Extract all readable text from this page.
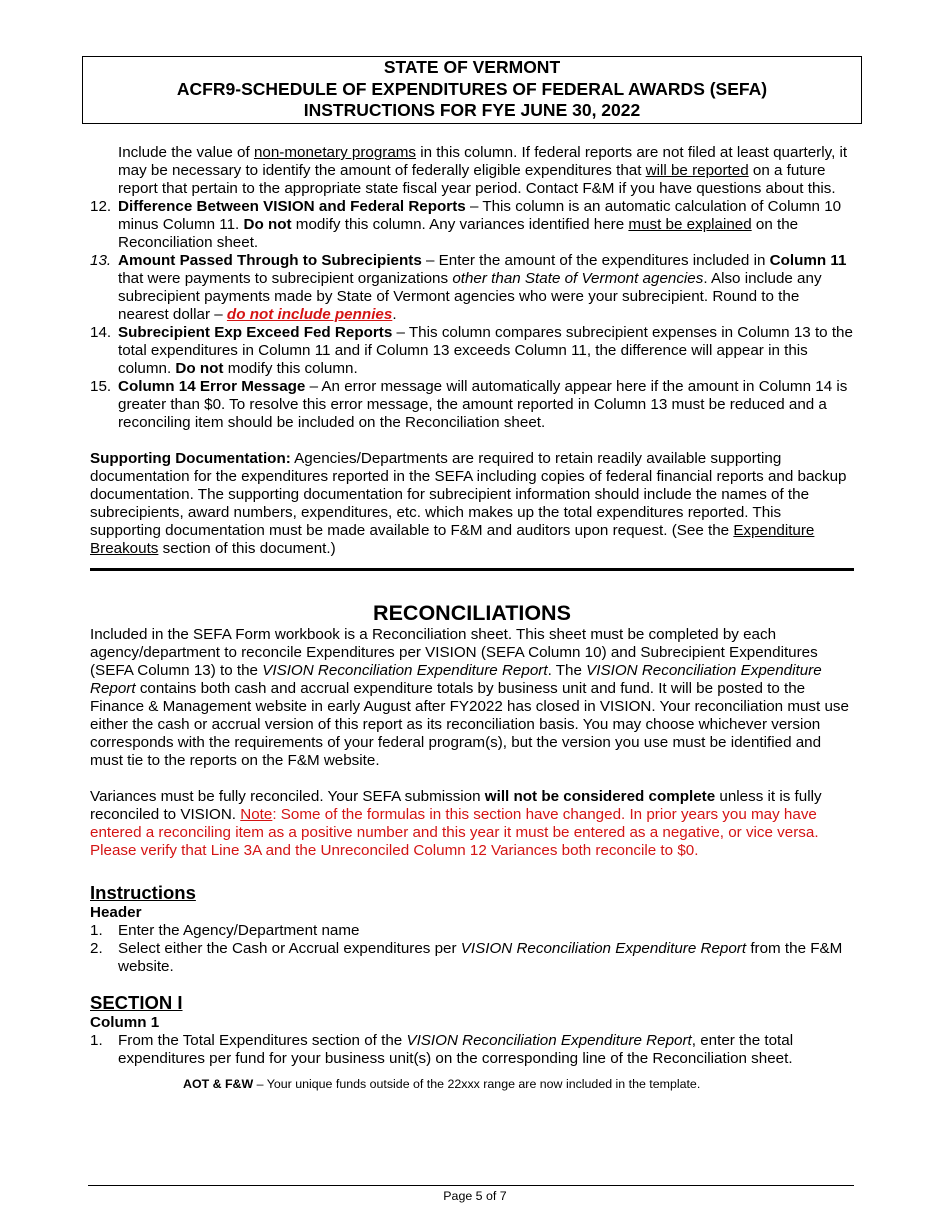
STATE OF VERMONT
ACFR9-SCHEDULE OF EXPENDITURES OF FEDERAL AWARDS (SEFA)
INSTRUCTIONS FOR FYE JUNE 30, 2022

Include the value of non-monetary programs in this column. If federal reports are not filed at least quarterly, it may be necessary to identify the amount of federally eligible expenditures that will be reported on a future report that pertain to the appropriate state fiscal year period. Contact F&M if you have questions about this.

12. Difference Between VISION and Federal Reports – This column is an automatic calculation of Column 10 minus Column 11. Do not modify this column. Any variances identified here must be explained on the Reconciliation sheet.
13. Amount Passed Through to Subrecipients – Enter the amount of the expenditures included in Column 11 that were payments to subrecipient organizations other than State of Vermont agencies. Also include any subrecipient payments made by State of Vermont agencies who were your subrecipient. Round to the nearest dollar – do not include pennies.
14. Subrecipient Exp Exceed Fed Reports – This column compares subrecipient expenses in Column 13 to the total expenditures in Column 11 and if Column 13 exceeds Column 11, the difference will appear in this column. Do not modify this column.
15. Column 14 Error Message – An error message will automatically appear here if the amount in Column 14 is greater than $0. To resolve this error message, the amount reported in Column 13 must be reduced and a reconciling item should be included on the Reconciliation sheet.

Supporting Documentation: Agencies/Departments are required to retain readily available supporting documentation for the expenditures reported in the SEFA including copies of federal financial reports and backup documentation. The supporting documentation for subrecipient information should include the names of the subrecipients, award numbers, expenditures, etc. which makes up the total expenditures reported. This supporting documentation must be made available to F&M and auditors upon request. (See the Expenditure Breakouts section of this document.)

RECONCILIATIONS

Included in the SEFA Form workbook is a Reconciliation sheet. This sheet must be completed by each agency/department to reconcile Expenditures per VISION (SEFA Column 10) and Subrecipient Expenditures (SEFA Column 13) to the VISION Reconciliation Expenditure Report. The VISION Reconciliation Expenditure Report contains both cash and accrual expenditure totals by business unit and fund. It will be posted to the Finance & Management website in early August after FY2022 has closed in VISION. Your reconciliation must use either the cash or accrual version of this report as its reconciliation basis. You may choose whichever version corresponds with the requirements of your federal program(s), but the version you use must be identified and must tie to the reports on the F&M website.

Variances must be fully reconciled. Your SEFA submission will not be considered complete unless it is fully reconciled to VISION. Note: Some of the formulas in this section have changed. In prior years you may have entered a reconciling item as a positive number and this year it must be entered as a negative, or vice versa. Please verify that Line 3A and the Unreconciled Column 12 Variances both reconcile to $0.

Instructions
Header
1.	Enter the Agency/Department name
2.	Select either the Cash or Accrual expenditures per VISION Reconciliation Expenditure Report from the F&M website.
SECTION I
Column 1
1.	From the Total Expenditures section of the VISION Reconciliation Expenditure Report, enter the total expenditures per fund for your business unit(s) on the corresponding line of the Reconciliation sheet.

AOT & F&W – Your unique funds outside of the 22xxx range are now included in the template.

Page 5 of 7
